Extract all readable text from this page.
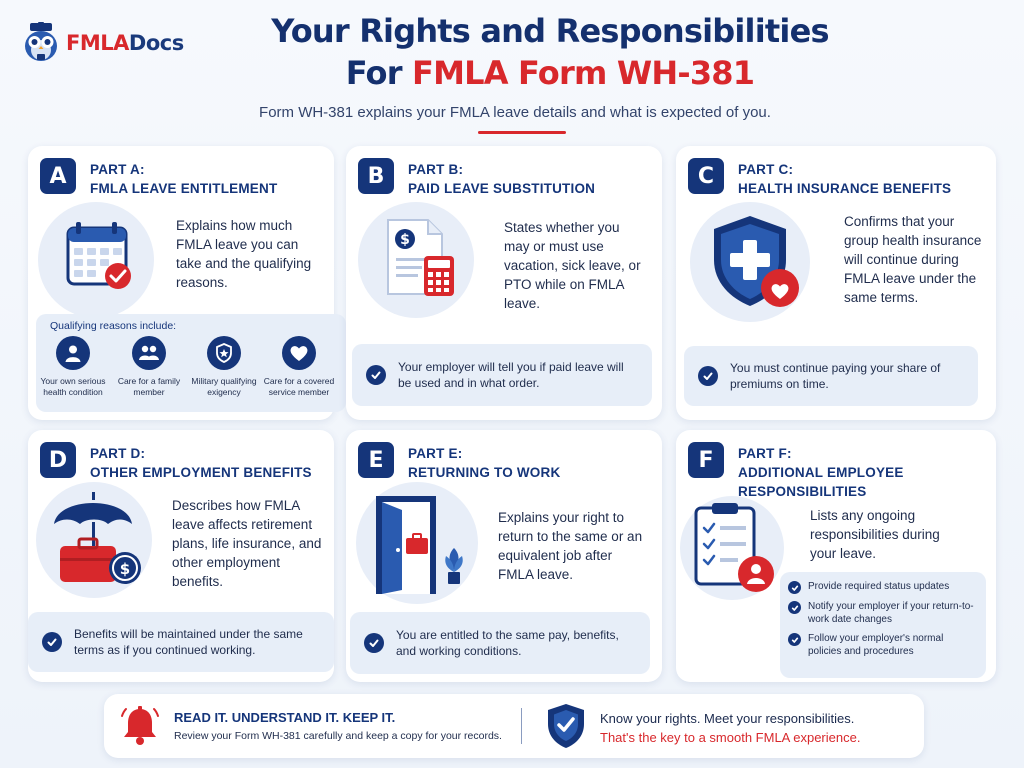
FMLADocs	Your Rights and Responsibilities
For FMLA Form WH-381
Form WH-381 explains your FMLA leave details and what is expected of you.
A	PART A:
FMLA LEAVE ENTITLEMENT
Explains how much FMLA leave you can take and the qualifying reasons.
Qualifying reasons include:
Your own serious health condition
Care for a family member
Military qualifying exigency
Care for a covered service member
B	PART B:
PAID LEAVE SUBSTITUTION
$
States whether you may or must use vacation, sick leave, or PTO while on FMLA leave.
Your employer will tell you if paid leave will be used and in what order.
C	PART C:
HEALTH INSURANCE BENEFITS
Confirms that your group health insurance will continue during FMLA leave under the same terms.
You must continue paying your share of premiums on time.
D	PART D:
OTHER EMPLOYMENT BENEFITS
$
Describes how FMLA leave affects retirement plans, life insurance, and other employment benefits.
Benefits will be maintained under the same terms as if you continued working.
E	PART E:
RETURNING TO WORK
Explains your right to return to the same or an equivalent job after FMLA leave.
You are entitled to the same pay, benefits, and working conditions.
F	PART F:
ADDITIONAL EMPLOYEE
RESPONSIBILITIES
Lists any ongoing responsibilities during your leave.
Provide required status updates
Notify your employer if your return-to-work date changes
Follow your employer's normal policies and procedures
READ IT. UNDERSTAND IT. KEEP IT.
Review your Form WH-381 carefully and keep a copy for your records.
Know your rights. Meet your responsibilities.
That's the key to a smooth FMLA experience.
